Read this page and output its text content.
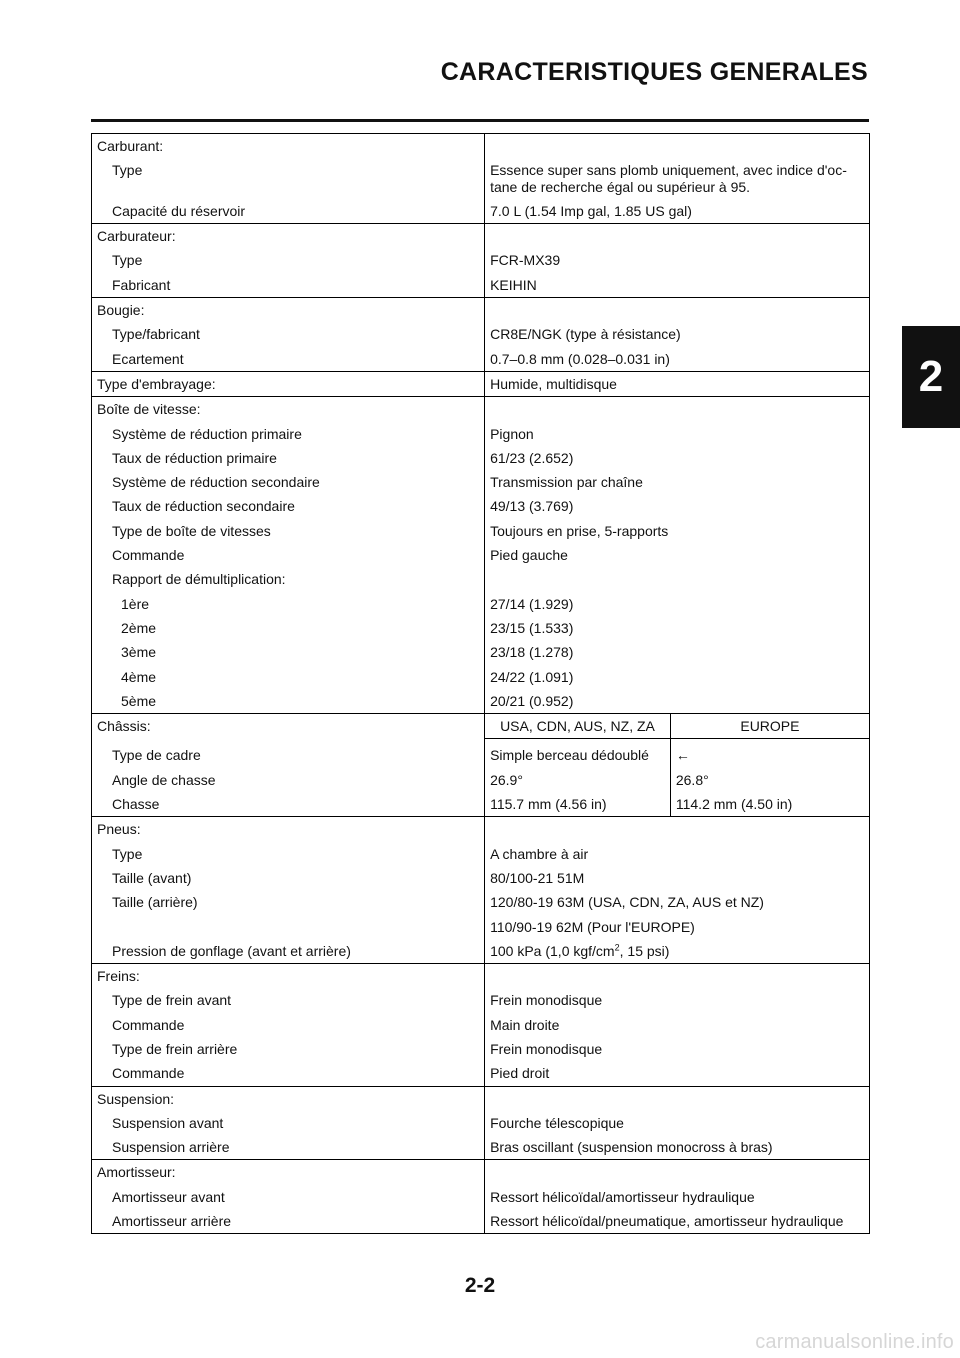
CARACTERISTIQUES GENERALES
2
Carburant:		
Type	Essence super sans plomb uniquement, avec indice d'oc-
tane de recherche égal ou supérieur à 95.	
Capacité du réservoir	7.0 L (1.54 Imp gal, 1.85 US gal)	
Carburateur:		
Type	FCR-MX39	
Fabricant	KEIHIN	
Bougie:		
Type/fabricant	CR8E/NGK (type à résistance)	
Ecartement	0.7–0.8 mm (0.028–0.031 in)	
Type d'embrayage:	Humide, multidisque	
Boîte de vitesse:		
Système de réduction primaire	Pignon	
Taux de réduction primaire	61/23 (2.652)	
Système de réduction secondaire	Transmission par chaîne	
Taux de réduction secondaire	49/13 (3.769)	
Type de boîte de vitesses	Toujours en prise, 5-rapports	
Commande	Pied gauche	
Rapport de démultiplication:		
1ère	27/14 (1.929)	
2ème	23/15 (1.533)	
3ème	23/18 (1.278)	
4ème	24/22 (1.091)	
5ème	20/21 (0.952)	
Châssis:	USA, CDN, AUS, NZ, ZA	EUROPE
Type de cadre	Simple berceau dédoublé	←
Angle de chasse	26.9°	26.8°
Chasse	115.7 mm (4.56 in)	114.2 mm (4.50 in)
Pneus:		
Type	A chambre à air	
Taille (avant)	80/100-21 51M	
Taille (arrière)	120/80-19 63M (USA, CDN, ZA, AUS et NZ)	
	110/90-19 62M (Pour l'EUROPE)	
Pression de gonflage (avant et arrière)	100 kPa (1,0 kgf/$cm^2$, 15 psi)	
Freins:		
Type de frein avant	Frein monodisque	
Commande	Main droite	
Type de frein arrière	Frein monodisque	
Commande	Pied droit	
Suspension:		
Suspension avant	Fourche télescopique	
Suspension arrière	Bras oscillant (suspension monocross à bras)	
Amortisseur:		
Amortisseur avant	Ressort hélicoïdal/amortisseur hydraulique	
Amortisseur arrière	Ressort hélicoïdal/pneumatique, amortisseur hydraulique	
2-2
carmanualsonline.info
